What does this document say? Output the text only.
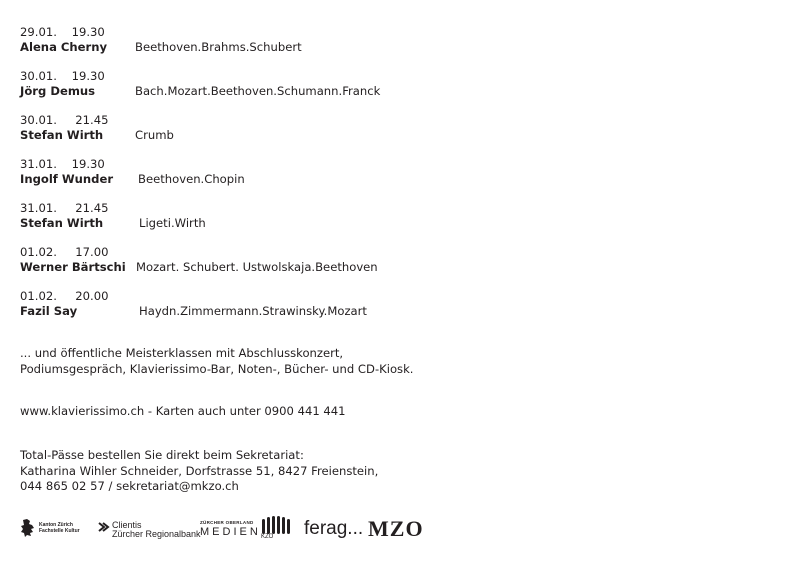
29.01.    19.30
Alena Cherny Beethoven.Brahms.Schubert
30.01.    19.30
Jörg Demus	Bach.Mozart.Beethoven.Schumann.Franck
30.01.     21.45
Stefan Wirth	Crumb
31.01.    19.30
Ingolf Wunder Beethoven.Chopin
31.01.     21.45
Stefan Wirth	Ligeti.Wirth
01.02.     17.00
Werner Bärtschi Mozart. Schubert. Ustwolskaja.Beethoven
01.02.     20.00
Fazil Say	Haydn.Zimmermann.Strawinsky.Mozart
... und öffentliche Meisterklassen mit Abschlusskonzert,
Podiumsgespräch, Klavierissimo-Bar, Noten-, Bücher- und CD-Kiosk.
www.klavierissimo.ch - Karten auch unter 0900 441 441
Total-Pässe bestellen Sie direkt beim Sekretariat:
Katharina Wihler Schneider, Dorfstrasse 51, 8427 Freienstein,
044 865 02 57 / sekretariat@mkzo.ch
Kanton Zürich
Fachstelle Kultur
Clientis
Zürcher Regionalbank
ZÜRCHER OBERLAND
MEDIEN KZO ferag... MZO
